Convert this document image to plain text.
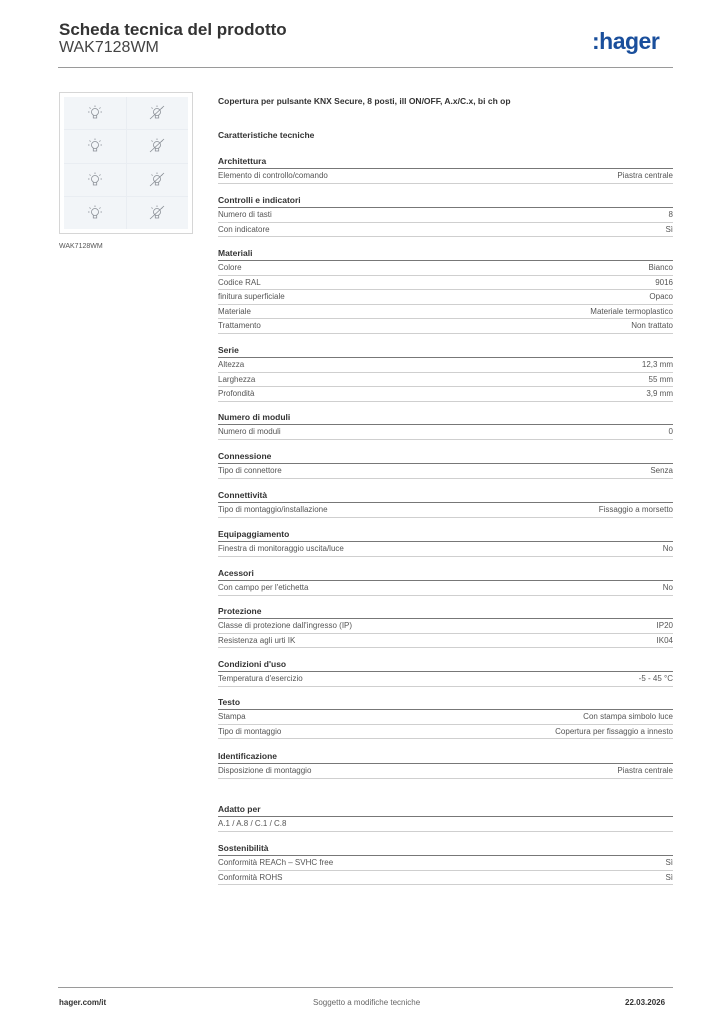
Scheda tecnica del prodotto
WAK7128WM	:hager
WAK7128WM
Copertura per pulsante KNX Secure, 8 posti, ill ON/OFF, A.x/C.x, bi ch op
Caratteristiche tecniche
Architettura
Elemento di controllo/comando	Piastra centrale
Controlli e indicatori
Numero di tasti	8
Con indicatore	Sì
Materiali
Colore	Bianco
Codice RAL	9016
finitura superficiale	Opaco
Materiale	Materiale termoplastico
Trattamento	Non trattato
Serie
Altezza	12,3 mm
Larghezza	55 mm
Profondità	3,9 mm
Numero di moduli
Numero di moduli	0
Connessione
Tipo di connettore	Senza
Connettività
Tipo di montaggio/installazione	Fissaggio a morsetto
Equipaggiamento
Finestra di monitoraggio uscita/luce	No
Acessori
Con campo per l'etichetta	No
Protezione
Classe di protezione dall'ingresso (IP)	IP20
Resistenza agli urti IK	IK04
Condizioni d'uso
Temperatura d'esercizio	-5 - 45 °C
Testo
Stampa	Con stampa simbolo luce
Tipo di montaggio	Copertura per fissaggio a innesto
Identificazione
Disposizione di montaggio	Piastra centrale
Adatto per
A.1 / A.8 / C.1 / C.8
Sostenibilità
Conformità REACh – SVHC free	Sì
Conformità ROHS	Sì
hager.com/it	Soggetto a modifiche tecniche	22.03.2026
